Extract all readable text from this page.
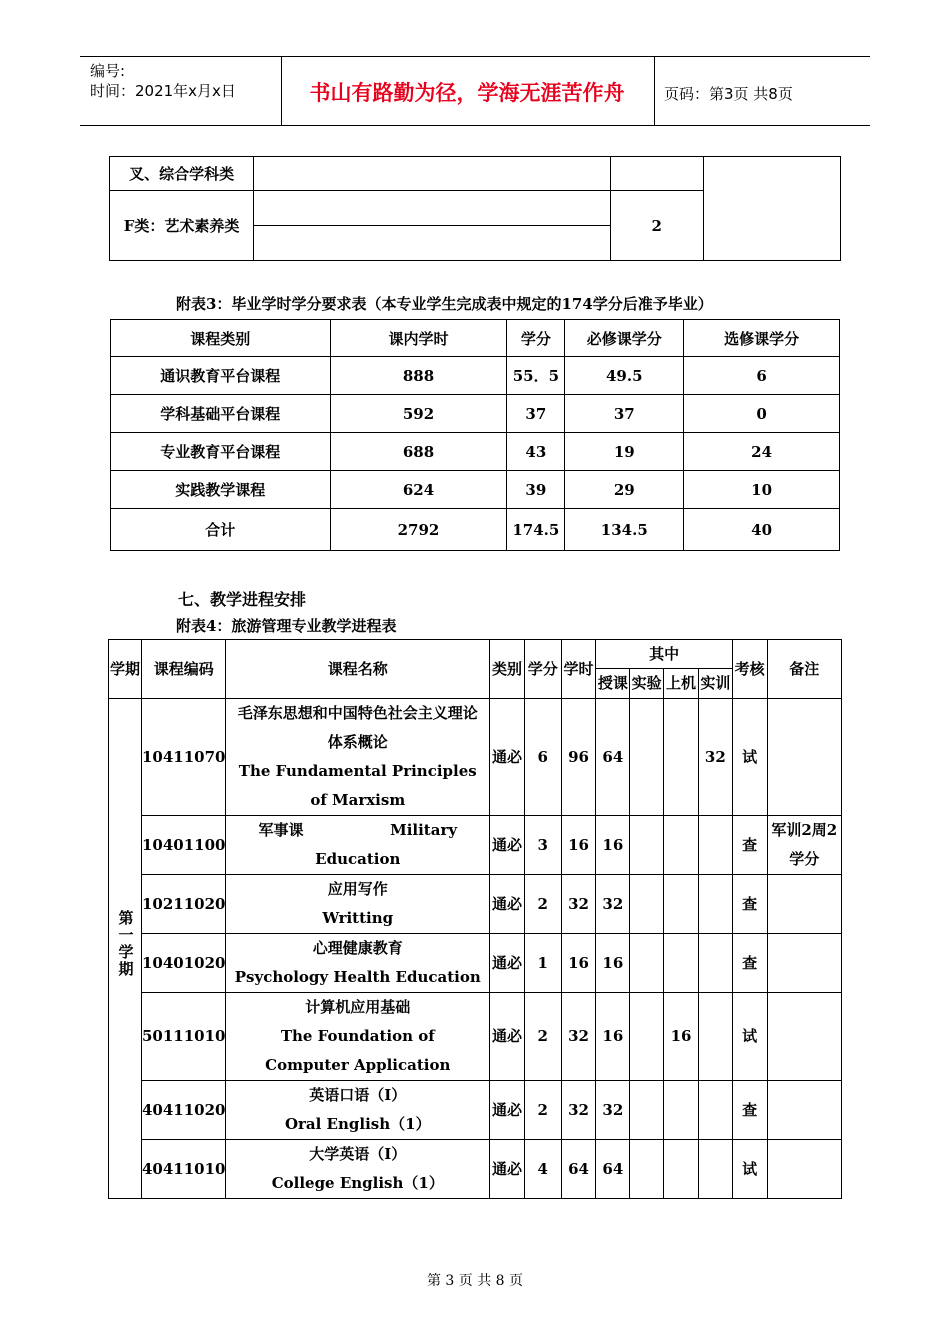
编号:
时间：2021年x月x日	书山有路勤为径，学海无涯苦作舟	页码：第3页 共8页
叉、综合学科类			
F类：艺术素养类		2	
附表3：毕业学时学分要求表（本专业学生完成表中规定的174学分后准予毕业）
课程类别	课内学时	学分	必修课学分	选修课学分
通识教育平台课程	888	55．5	49.5	6
学科基础平台课程	592	37	37	0
专业教育平台课程	688	43	19	24
实践教学课程	624	39	29	10
合计	2792	174.5	134.5	40
七、教学进程安排
附表4：旅游管理专业教学进程表
学期	课程编码	课程名称	类别	学分	学时	其中				考核	备注
						授课	实验	上机	实训		
第一学期	10411070	毛泽东思想和中国特色社会主义理论体系概论
The Fundamental Principles of Marxism	通必	6	96	64			32	试	
	10401100	军事课 Military
Education	通必	3	16	16				查	军训2周2学分
	10211020	应用写作
Writting	通必	2	32	32				查	
	10401020	心理健康教育
Psychology Health Education	通必	1	16	16				查	
	50111010	计算机应用基础
The Foundation of Computer Application	通必	2	32	16		16		试	
	40411020	英语口语（I）
Oral English（1）	通必	2	32	32				查	
	40411010	大学英语（I）
College English（1）	通必	4	64	64				试	
第 3 页 共 8 页
